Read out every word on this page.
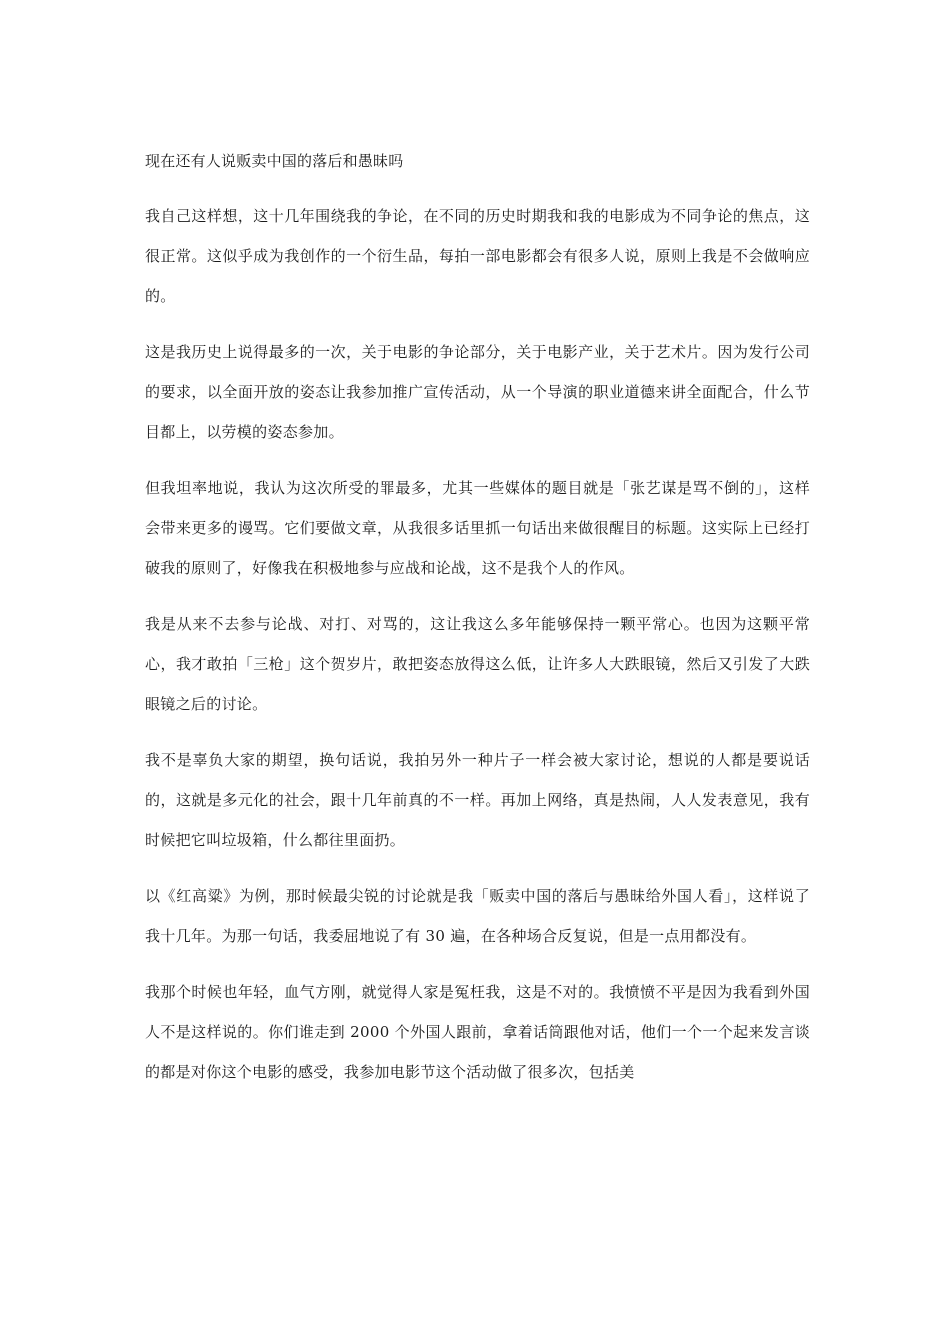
现在还有人说贩卖中国的落后和愚昧吗

我自己这样想，这十几年围绕我的争论，在不同的历史时期我和我的电影成为不同争论的焦点，这很正常。这似乎成为我创作的一个衍生品，每拍一部电影都会有很多人说，原则上我是不会做响应的。

这是我历史上说得最多的一次，关于电影的争论部分，关于电影产业，关于艺术片。因为发行公司的要求，以全面开放的姿态让我参加推广宣传活动，从一个导演的职业道德来讲全面配合，什么节目都上，以劳模的姿态参加。

但我坦率地说，我认为这次所受的罪最多，尤其一些媒体的题目就是「张艺谋是骂不倒的」，这样会带来更多的谩骂。它们要做文章，从我很多话里抓一句话出来做很醒目的标题。这实际上已经打破我的原则了，好像我在积极地参与应战和论战，这不是我个人的作风。

我是从来不去参与论战、对打、对骂的，这让我这么多年能够保持一颗平常心。也因为这颗平常心，我才敢拍「三枪」这个贺岁片，敢把姿态放得这么低，让许多人大跌眼镜，然后又引发了大跌眼镜之后的讨论。

我不是辜负大家的期望，换句话说，我拍另外一种片子一样会被大家讨论，想说的人都是要说话的，这就是多元化的社会，跟十几年前真的不一样。再加上网络，真是热闹，人人发表意见，我有时候把它叫垃圾箱，什么都往里面扔。

以《红高粱》为例，那时候最尖锐的讨论就是我「贩卖中国的落后与愚昧给外国人看」，这样说了我十几年。为那一句话，我委屈地说了有 30 遍，在各种场合反复说，但是一点用都没有。

我那个时候也年轻，血气方刚，就觉得人家是冤枉我，这是不对的。我愤愤不平是因为我看到外国人不是这样说的。你们谁走到 2000 个外国人跟前，拿着话筒跟他对话，他们一个一个起来发言谈的都是对你这个电影的感受，我参加电影节这个活动做了很多次，包括美
